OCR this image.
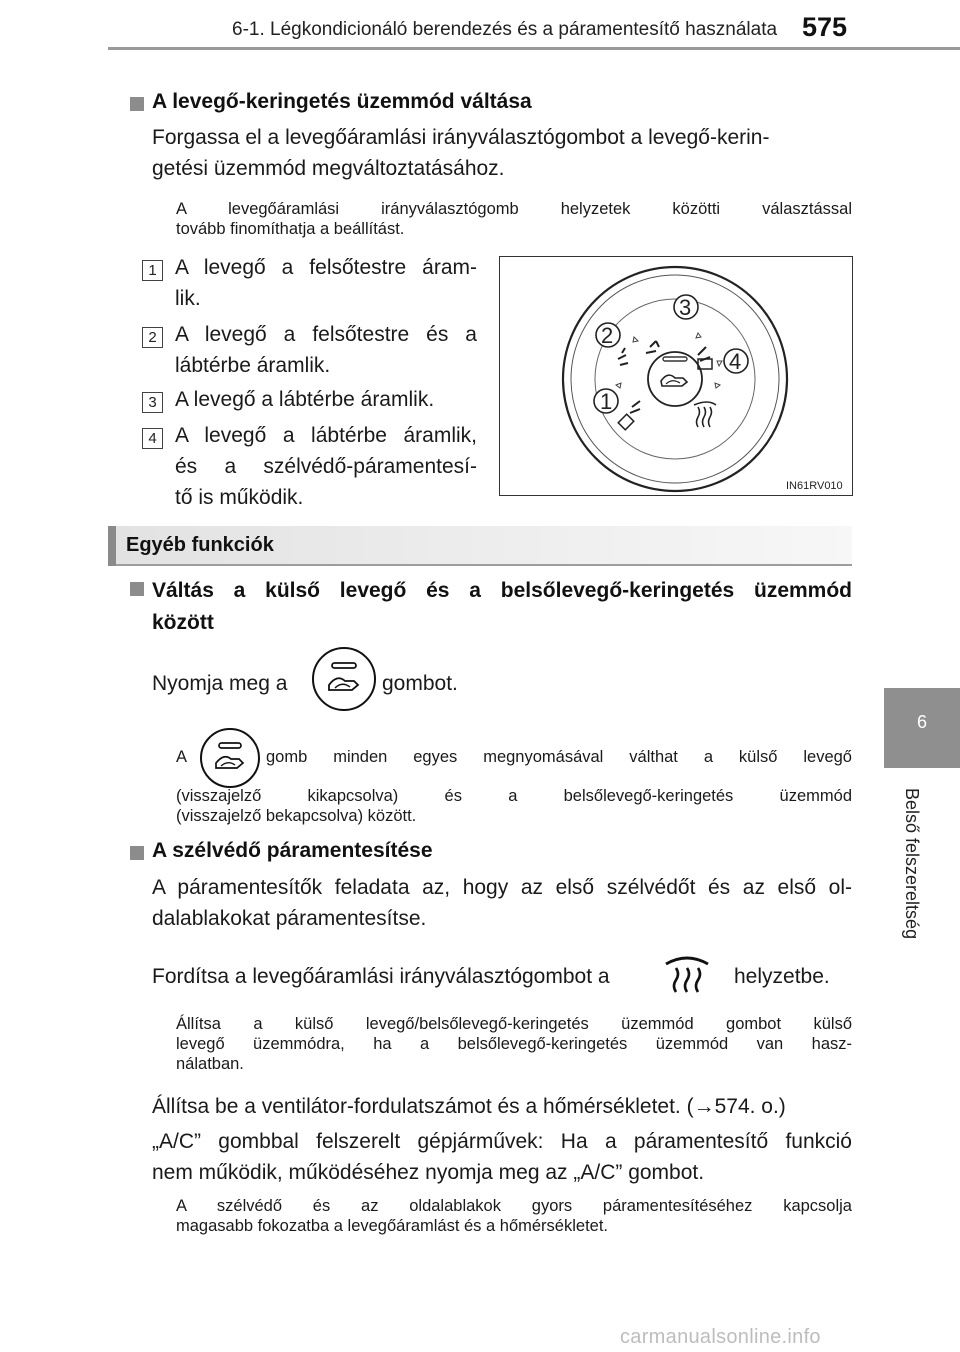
6-1. Légkondicionáló berendezés és a páramentesítő használata 575
6
Belső felszereltség
A levegő-keringetés üzemmód váltása
Forgassa el a levegőáramlási irányválasztógombot a levegő-kerin-
getési üzemmód megváltoztatásához.
A levegőáramlási irányválasztógomb helyzetek közötti választással
tovább finomíthatja a beállítást.
1 A levegő a felsőtestre áram-
lik.
2 A levegő a felsőtestre és a
lábtérbe áramlik.
3 A levegő a lábtérbe áramlik.
4 A levegő a lábtérbe áramlik,
és a szélvédő-páramentesí-
tő is működik.
3
2
4
1
IN61RV010
Egyéb funkciók
Váltás a külső levegő és a belsőlevegő-keringetés üzemmód
között
Nyomja meg a	gombot.
A	gomb minden egyes megnyomásával válthat a külső levegő
(visszajelző kikapcsolva) és a belsőlevegő-keringetés üzemmód
(visszajelző bekapcsolva) között.
A szélvédő páramentesítése
A páramentesítők feladata az, hogy az első szélvédőt és az első ol-
dalablakokat páramentesítse.
Fordítsa a levegőáramlási irányválasztógombot a	helyzetbe.
Állítsa a külső levegő/belsőlevegő-keringetés üzemmód gombot külső
levegő üzemmódra, ha a belsőlevegő-keringetés üzemmód van hasz-
nálatban.
Állítsa be a ventilátor-fordulatszámot és a hőmérsékletet. (→574. o.)
„A/C” gombbal felszerelt gépjárművek: Ha a páramentesítő funkció
nem működik, működéséhez nyomja meg az „A/C” gombot.
A szélvédő és az oldalablakok gyors páramentesítéséhez kapcsolja
magasabb fokozatba a levegőáramlást és a hőmérsékletet.
carmanualsonline.info
